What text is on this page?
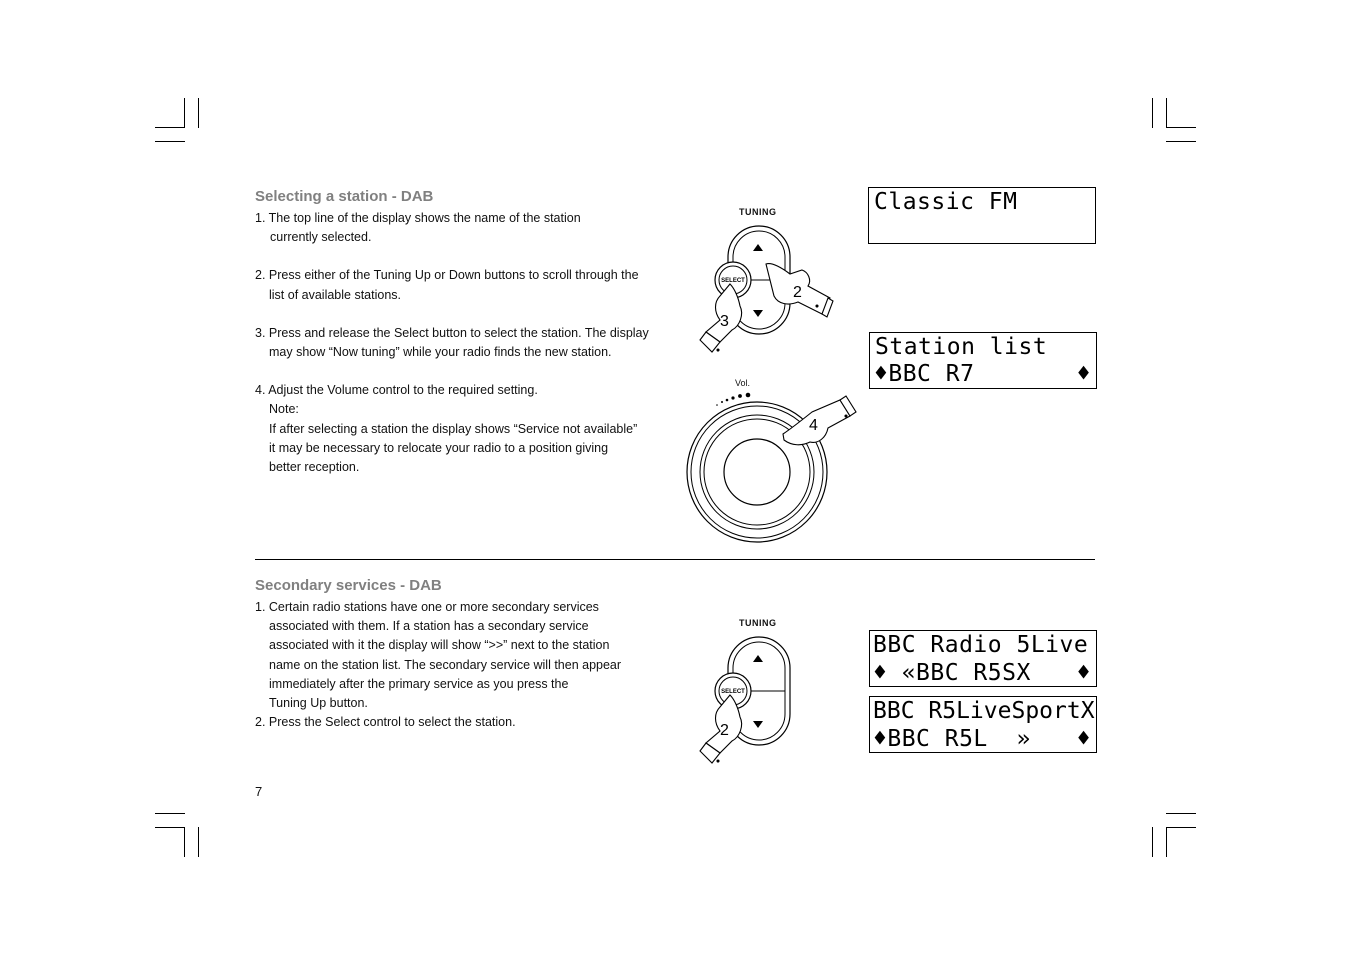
Selecting a station - DAB
1. The top line of the display shows the name of the station
currently selected.
2. Press either of the Tuning Up or Down buttons to scroll through the
list of available stations.
3. Press and release the Select button to select the station. The display
may show “Now tuning” while your radio finds the new station.
4. Adjust the Volume control to the required setting.
Note:
If after selecting a station the display shows “Service not available”
it may be necessary to relocate your radio to a position giving
better reception.
TUNING
SELECT
2
3
Vol.
4
Classic FM
Station list
♦BBC R7	♦
Secondary services - DAB
1. Certain radio stations have one or more secondary services
associated with them. If a station has a secondary service
associated with it the display will show “>>” next to the station
name on the station list. The secondary service will then appear
immediately after the primary service as you press the
Tuning Up button.
2. Press the Select control to select the station.
TUNING
SELECT
2
BBC Radio 5Live
♦ «BBC R5SX ♦
BBC R5LiveSportX
♦BBC R5L  » ♦
7
